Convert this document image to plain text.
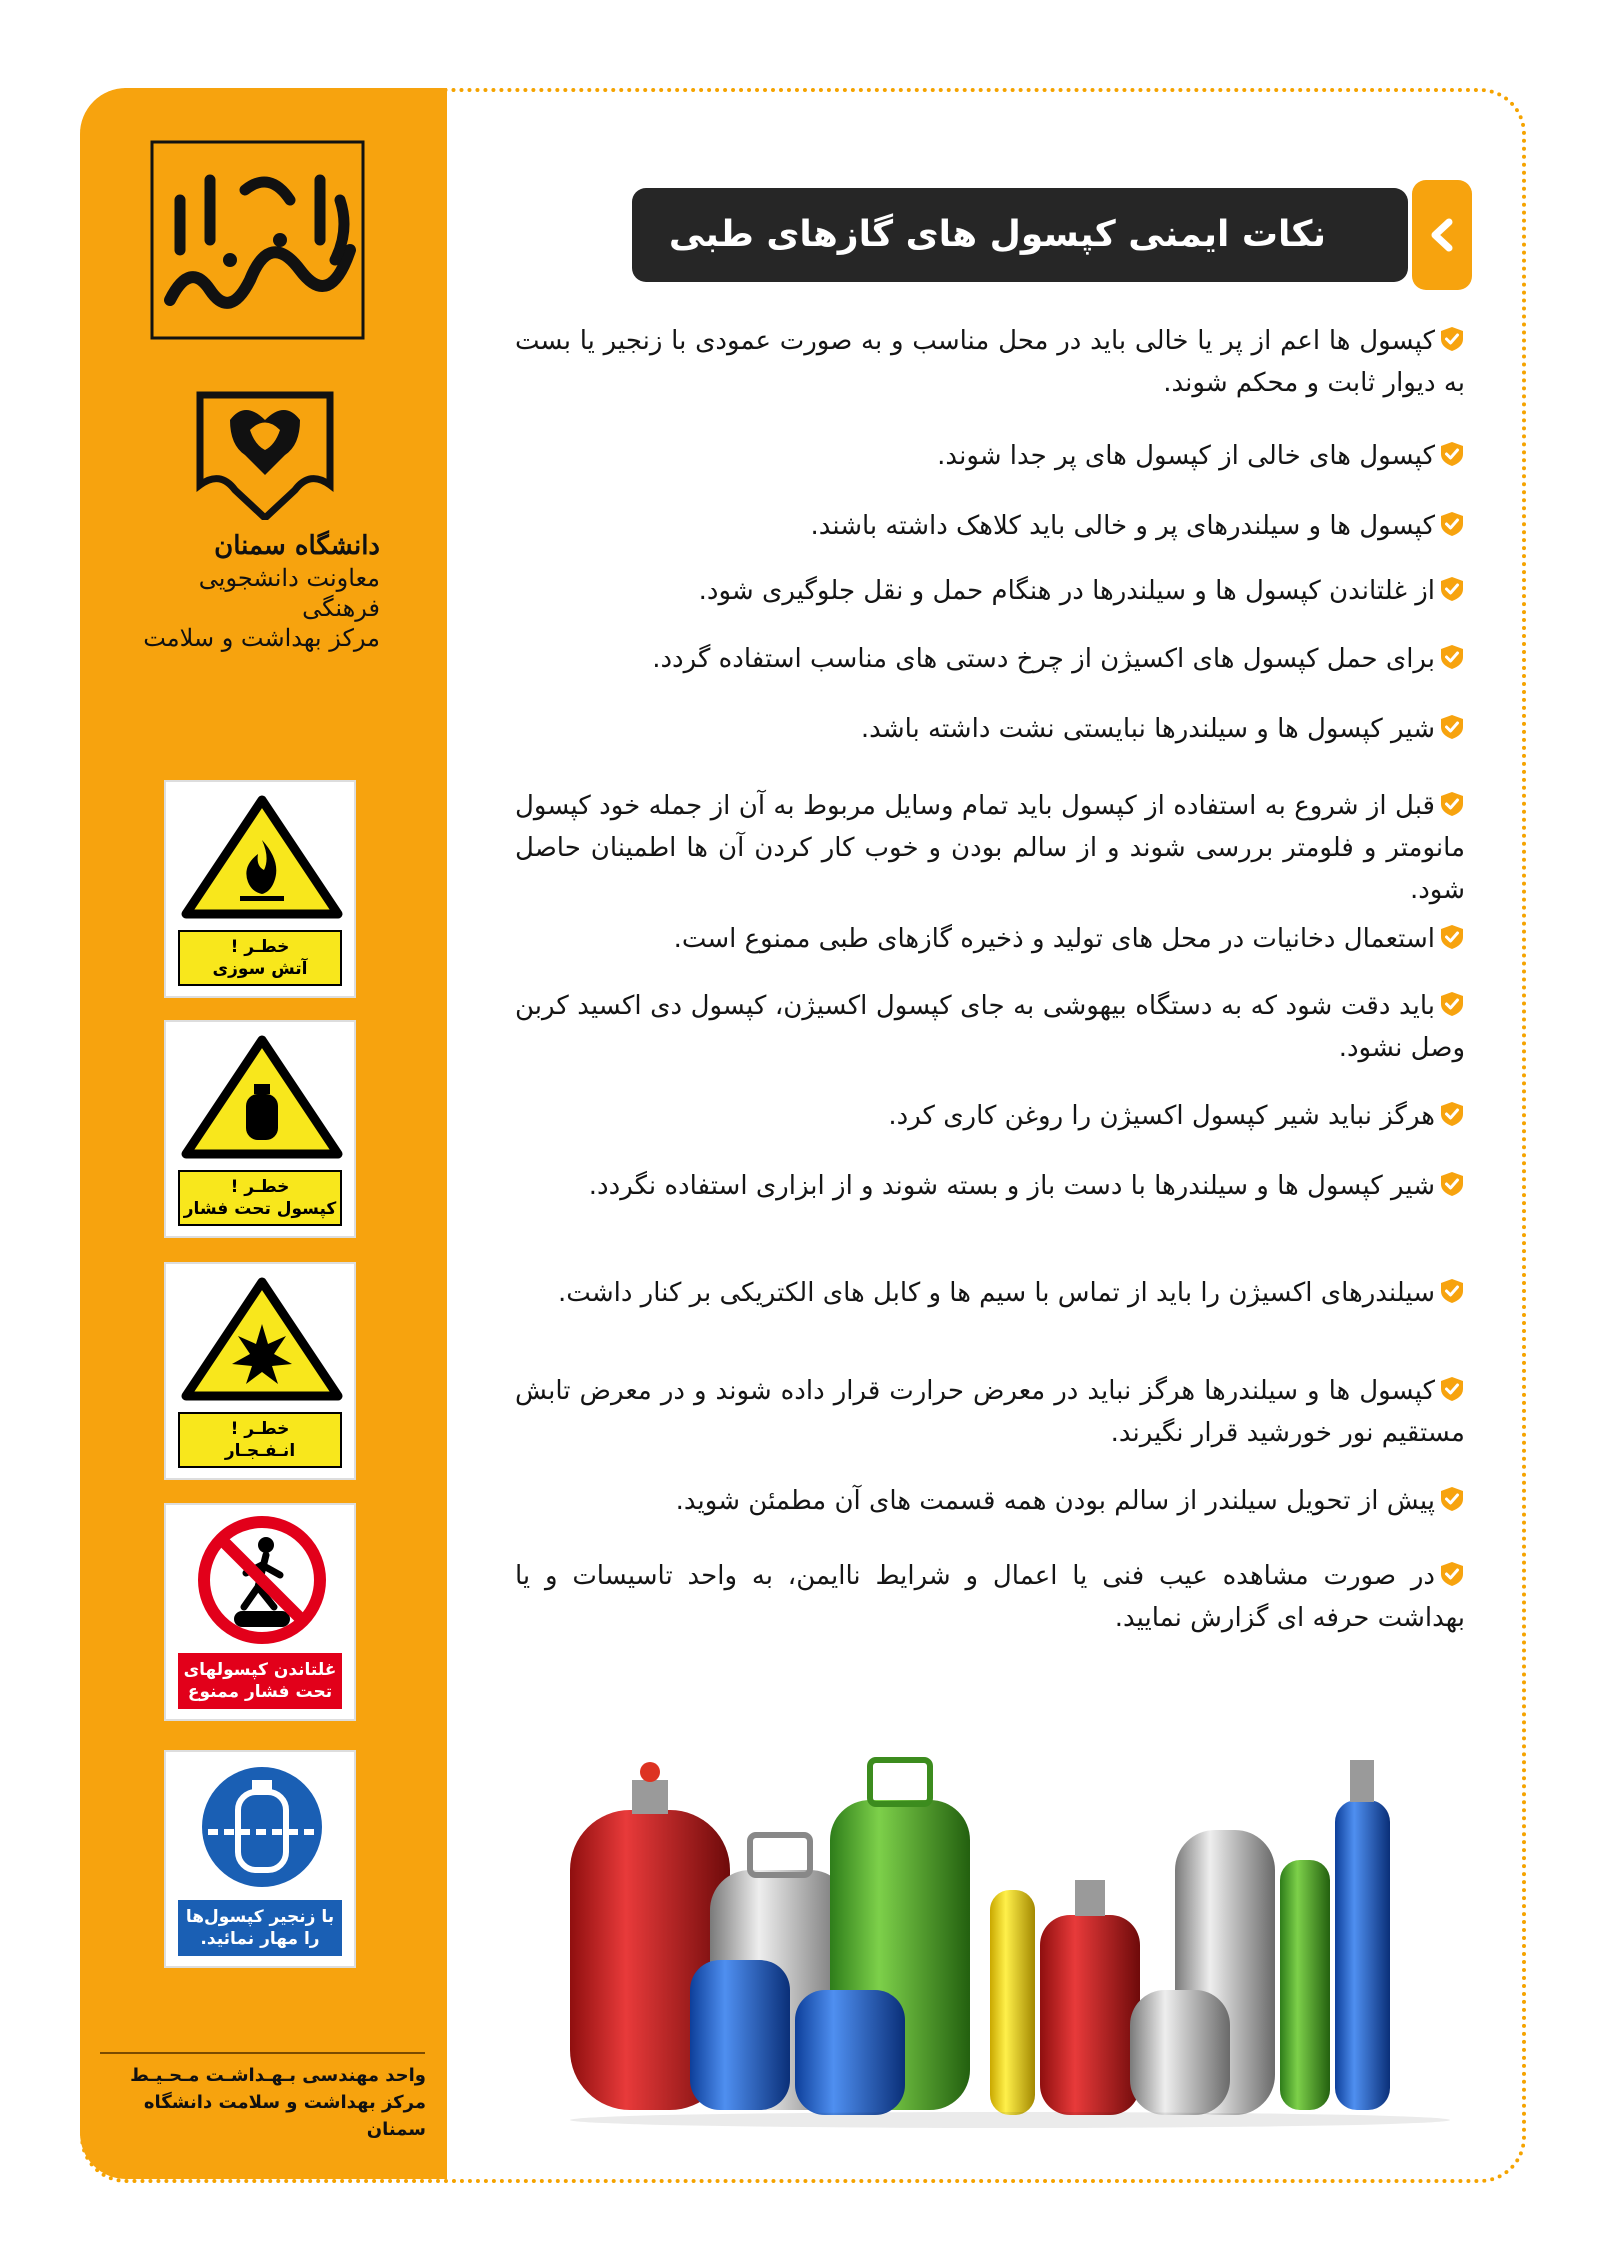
دانشگاه سمنان
معاونت دانشجویی فرهنگی
مرکز بهداشت و سلامت
خطـر !
آتش سوزی
خطـر !
کپسول تحت فشار
خطـر !
انـفـجـار
غلتاندن کپسولهای
تحت فشار ممنوع
با زنجیر کپسول‌ها
را مهار نمائید.
واحد مهندسی بـهـداشـت مـحـیـط
مرکز بهداشت و سلامت دانشگاه سمنان
نکات ایمنی کپسول های گازهای طبی
کپسول ها اعم از پر یا خالی باید در محل مناسب و به صورت عمودی با زنجیر یا بست به دیوار ثابت و محکم شوند.
کپسول های خالی از کپسول های پر جدا شوند.
کپسول ها و سیلندرهای پر و خالی باید کلاهک داشته باشند.
از غلتاندن کپسول ها و سیلندرها در هنگام حمل و نقل جلوگیری شود.
برای حمل کپسول های اکسیژن از چرخ دستی های مناسب استفاده گردد.
شیر کپسول ها و سیلندرها نبایستی نشت داشته باشد.
قبل از شروع به استفاده از کپسول باید تمام وسایل مربوط به آن از جمله خود کپسول مانومتر و فلومتر بررسی شوند و از سالم بودن و خوب کار کردن آن ها اطمینان حاصل شود.
استعمال دخانیات در محل های تولید و ذخیره گازهای طبی ممنوع است.
باید دقت شود که به دستگاه بیهوشی به جای کپسول اکسیژن، کپسول دی اکسید کربن وصل نشود.
هرگز نباید شیر کپسول اکسیژن را روغن کاری کرد.
شیر کپسول ها و سیلندرها با دست باز و بسته شوند و از ابزاری استفاده نگردد.
سیلندرهای اکسیژن را باید از تماس با سیم ها و کابل های الکتریکی بر کنار داشت.
کپسول ها و سیلندرها هرگز نباید در معرض حرارت قرار داده شوند و در معرض تابش مستقیم نور خورشید قرار نگیرند.
پیش از تحویل سیلندر از سالم بودن همه قسمت های آن مطمئن شوید.
در صورت مشاهده عیب فنی یا اعمال و شرایط ناایمن، به واحد تاسیسات و یا بهداشت حرفه ای گزارش نمایید.
